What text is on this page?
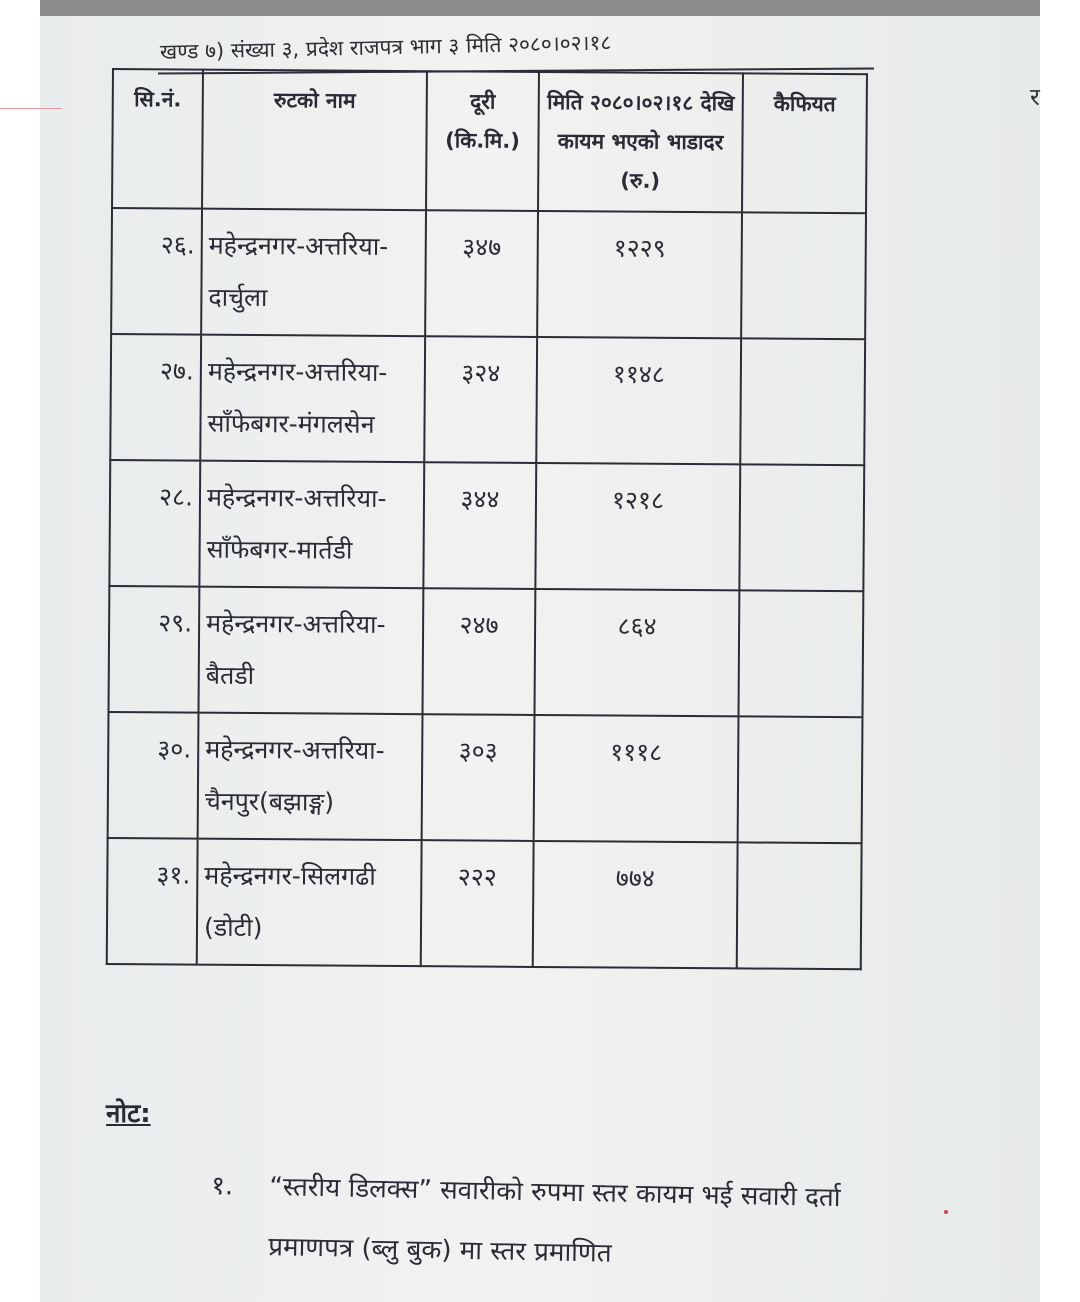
र
खण्ड ७) संख्या ३, प्रदेश राजपत्र भाग ३ मिति २०८०।०२।१८
सि.नं.	रुटको नाम	दूरी (कि.मि.)	मिति २०८०।०२।१८ देखि कायम भएको भाडादर (रु.)	कैफियत
२६.	महेन्द्रनगर-अत्तरिया-दार्चुला	३४७	१२२९	
२७.	महेन्द्रनगर-अत्तरिया-साँफेबगर-मंगलसेन	३२४	११४८	
२८.	महेन्द्रनगर-अत्तरिया-साँफेबगर-मार्तडी	३४४	१२१८	
२९.	महेन्द्रनगर-अत्तरिया-बैतडी	२४७	८६४	
३०.	महेन्द्रनगर-अत्तरिया-चैनपुर(बझाङ्ग)	३०३	१११८	
३१.	महेन्द्रनगर-सिलगढी (डोटी)	२२२	७७४	
नोट:
१.	“स्तरीय डिलक्स” सवारीको रुपमा स्तर कायम भई सवारी दर्ता प्रमाणपत्र (ब्लु बुक) मा स्तर प्रमाणित
